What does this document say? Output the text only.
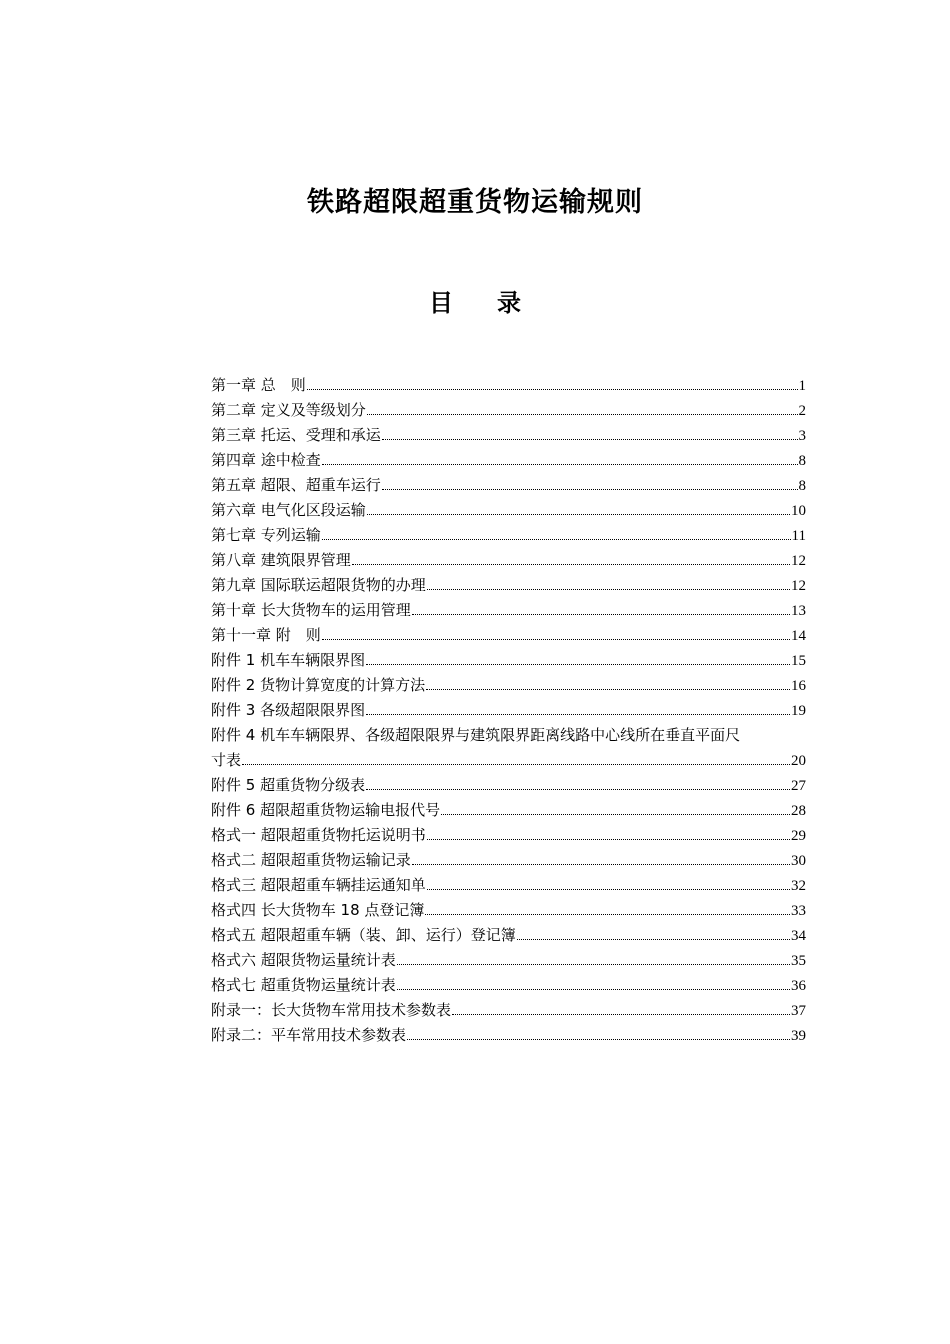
铁路超限超重货物运输规则
目 录
第一章 总　则	1
第二章 定义及等级划分	2
第三章 托运、受理和承运	3
第四章 途中检查	8
第五章 超限、超重车运行	8
第六章 电气化区段运输	10
第七章 专列运输	11
第八章 建筑限界管理	12
第九章 国际联运超限货物的办理	12
第十章 长大货物车的运用管理	13
第十一章 附　则	14
附件 1 机车车辆限界图	15
附件 2 货物计算宽度的计算方法	16
附件 3 各级超限限界图	19
附件 4 机车车辆限界、各级超限限界与建筑限界距离线路中心线所在垂直平面尺
寸表	20
附件 5 超重货物分级表	27
附件 6 超限超重货物运输电报代号	28
格式一 超限超重货物托运说明书	29
格式二 超限超重货物运输记录	30
格式三 超限超重车辆挂运通知单	32
格式四 长大货物车 18 点登记簿	33
格式五 超限超重车辆（装、卸、运行）登记簿	34
格式六 超限货物运量统计表	35
格式七 超重货物运量统计表	36
附录一：长大货物车常用技术参数表	37
附录二：平车常用技术参数表	39
